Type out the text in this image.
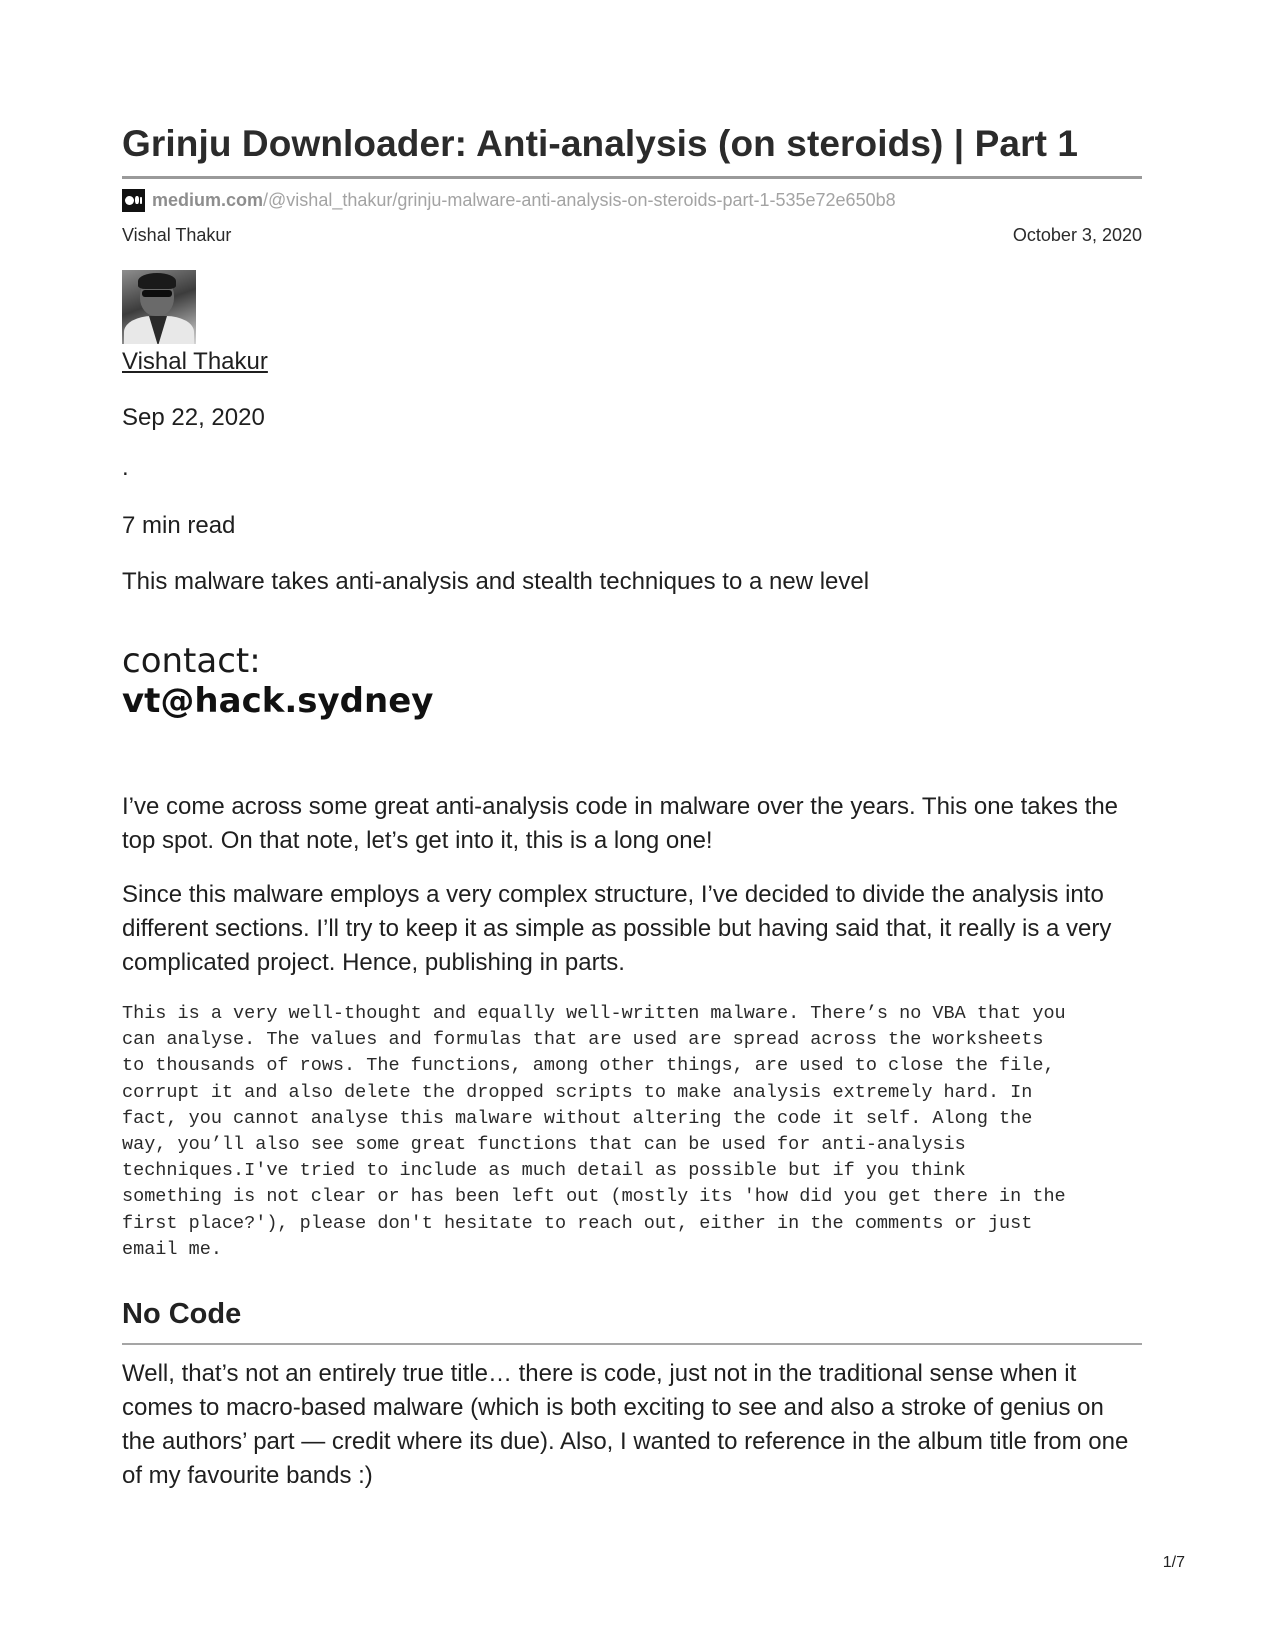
Grinju Downloader: Anti-analysis (on steroids) | Part 1
medium.com /@vishal_thakur/grinju-malware-anti-analysis-on-steroids-part-1-535e72e650b8
Vishal Thakur	October 3, 2020
Vishal Thakur

Sep 22, 2020

.

7 min read

This malware takes anti-analysis and stealth techniques to a new level

contact:
vt@hack.sydney

I’ve come across some great anti-analysis code in malware over the years. This one takes the top spot. On that note, let’s get into it, this is a long one!

Since this malware employs a very complex structure, I’ve decided to divide the analysis into different sections. I’ll try to keep it as simple as possible but having said that, it really is a very complicated project. Hence, publishing in parts.

This is a very well-thought and equally well-written malware. There’s no VBA that you
can analyse. The values and formulas that are used are spread across the worksheets
to thousands of rows. The functions, among other things, are used to close the file,
corrupt it and also delete the dropped scripts to make analysis extremely hard. In
fact, you cannot analyse this malware without altering the code it self. Along the
way, you’ll also see some great functions that can be used for anti-analysis
techniques.I've tried to include as much detail as possible but if you think
something is not clear or has been left out (mostly its 'how did you get there in the
first place?'), please don't hesitate to reach out, either in the comments or just
email me.
No Code

Well, that’s not an entirely true title… there is code, just not in the traditional sense when it comes to macro-based malware (which is both exciting to see and also a stroke of genius on the authors’ part — credit where its due). Also, I wanted to reference in the album title from one of my favourite bands :)

1/7
